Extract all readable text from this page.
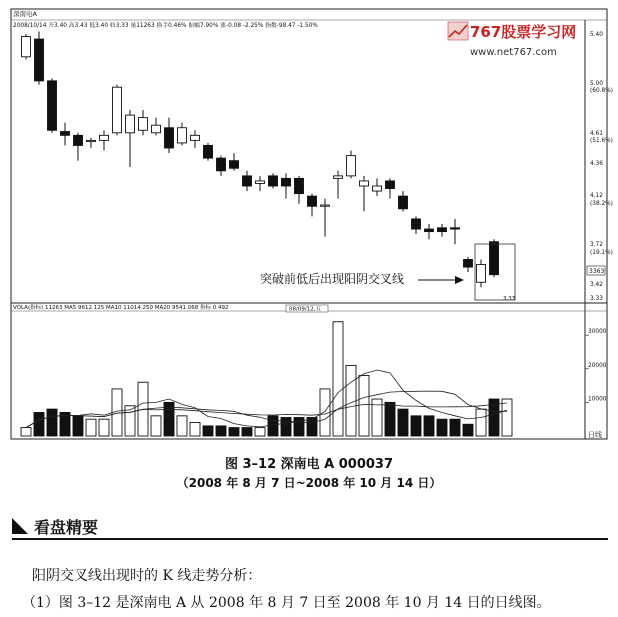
深南电A
2008/10/14 开3.40 高3.43 低3.40 收3.33 量11263 换手0.46% 振幅7.90% 涨-0.08 -2.25% 指数-98.47 -1.50%	767股票学习网
www.net767.com
5.40
5.00
(60.8%)
4.61
(51.6%)
4.36
4.12
(38.2%)
3.72
(19.1%)
3.42
3.33
3363
突破前低后出现阳阴交叉线
3.33
VOLA(指标) 11263 MA5 9612.125 MA10 11014.250 MA20 9541.068 指标 0.492	08/09/12,五
30000
20000
10000
日线
图 3–12 深南电 A 000037
（2008 年 8 月 7 日~2008 年 10 月 14 日）
看盘精要
阳阴交叉线出现时的 K 线走势分析：
（1）图 3–12 是深南电 A 从 2008 年 8 月 7 日至 2008 年 10 月 14 日的日线图。
